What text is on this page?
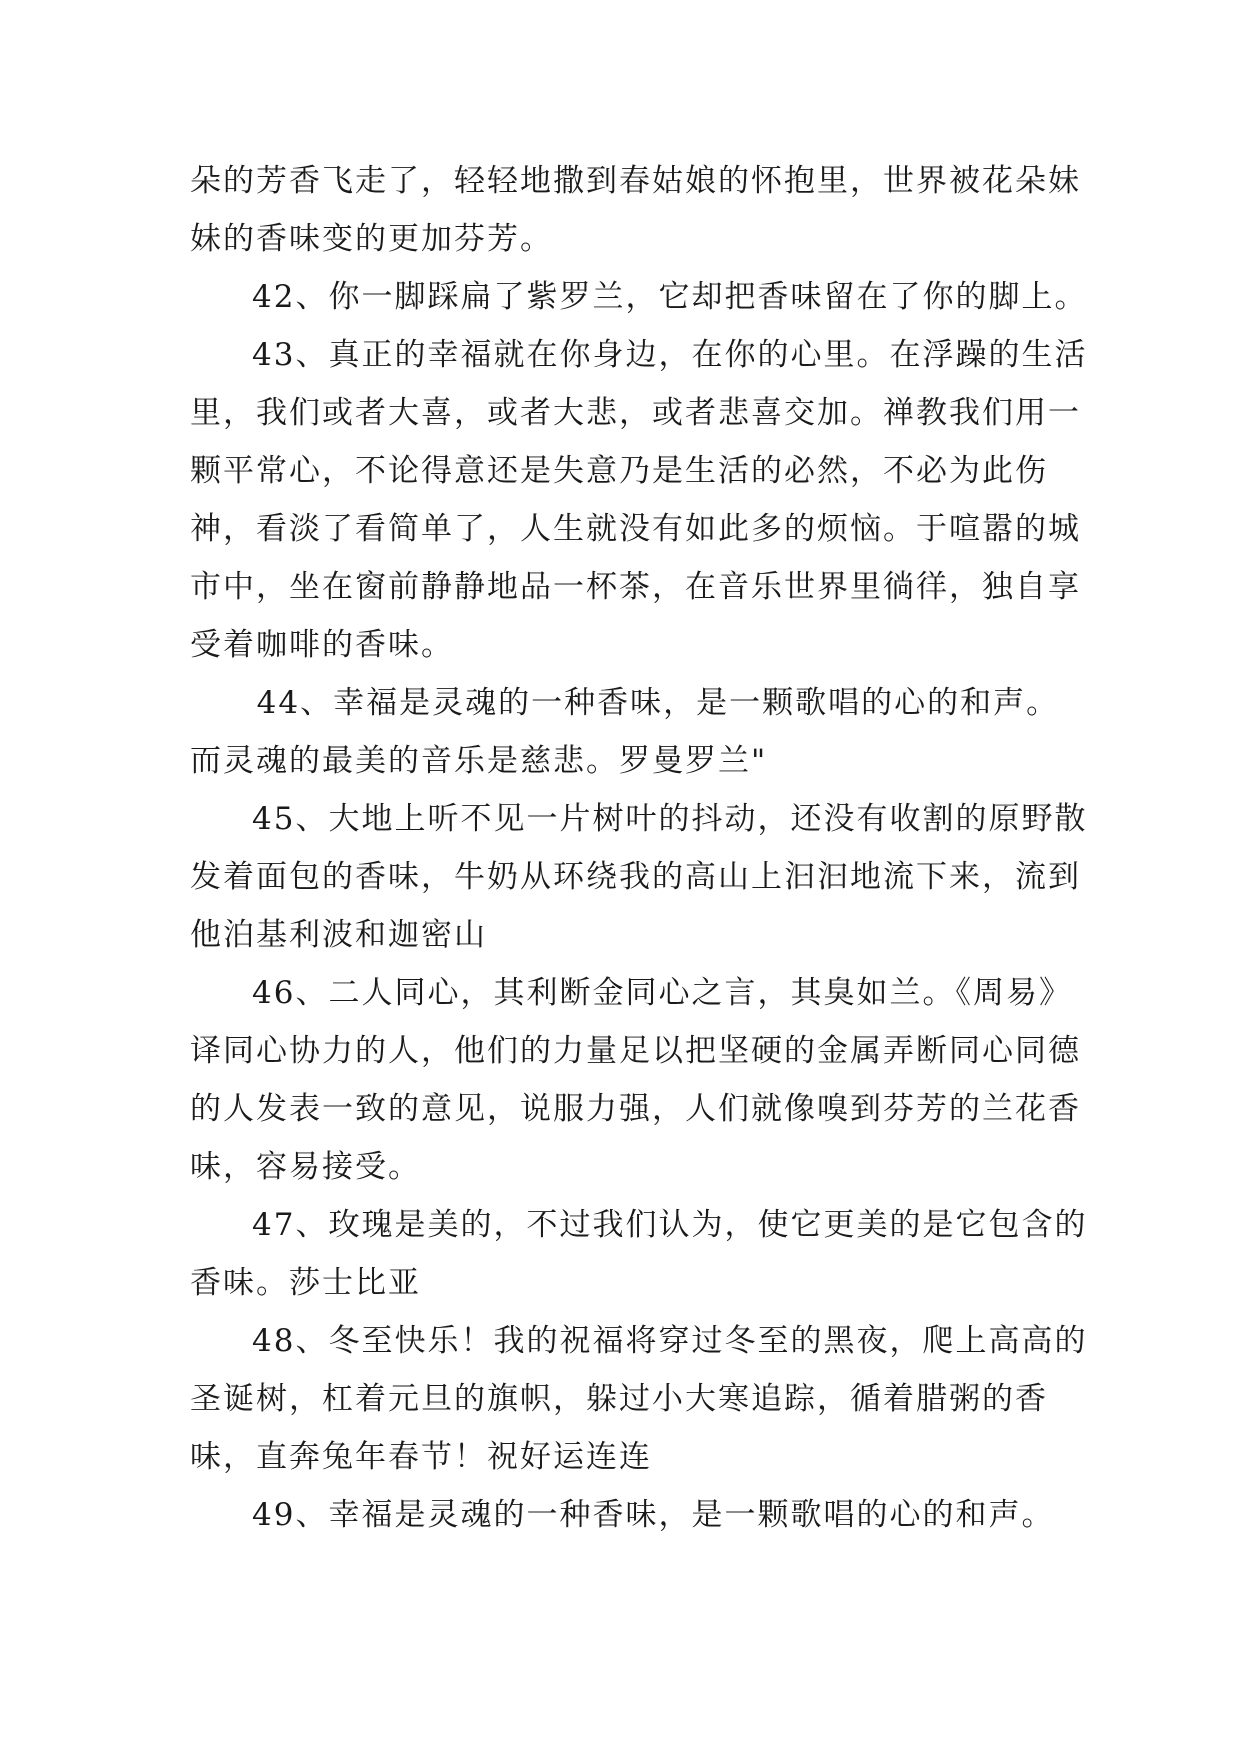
朵的芳香飞走了，轻轻地撒到春姑娘的怀抱里，世界被花朵妹妹的香味变的更加芬芳。

42、你一脚踩扁了紫罗兰，它却把香味留在了你的脚上。

43、真正的幸福就在你身边，在你的心里。在浮躁的生活里，我们或者大喜，或者大悲，或者悲喜交加。禅教我们用一颗平常心，不论得意还是失意乃是生活的必然，不必为此伤神，看淡了看简单了，人生就没有如此多的烦恼。于喧嚣的城市中，坐在窗前静静地品一杯茶，在音乐世界里徜徉，独自享受着咖啡的香味。

44、幸福是灵魂的一种香味，是一颗歌唱的心的和声。而灵魂的最美的音乐是慈悲。罗曼罗兰"

45、大地上听不见一片树叶的抖动，还没有收割的原野散发着面包的香味，牛奶从环绕我的高山上汩汩地流下来，流到他泊基利波和迦密山

46、二人同心，其利断金同心之言，其臭如兰。《周易》译同心协力的人，他们的力量足以把坚硬的金属弄断同心同德的人发表一致的意见，说服力强，人们就像嗅到芬芳的兰花香味，容易接受。

47、玫瑰是美的，不过我们认为，使它更美的是它包含的香味。莎士比亚

48、冬至快乐！我的祝福将穿过冬至的黑夜，爬上高高的圣诞树，杠着元旦的旗帜，躲过小大寒追踪，循着腊粥的香味，直奔兔年春节！祝好运连连

49、幸福是灵魂的一种香味，是一颗歌唱的心的和声。
